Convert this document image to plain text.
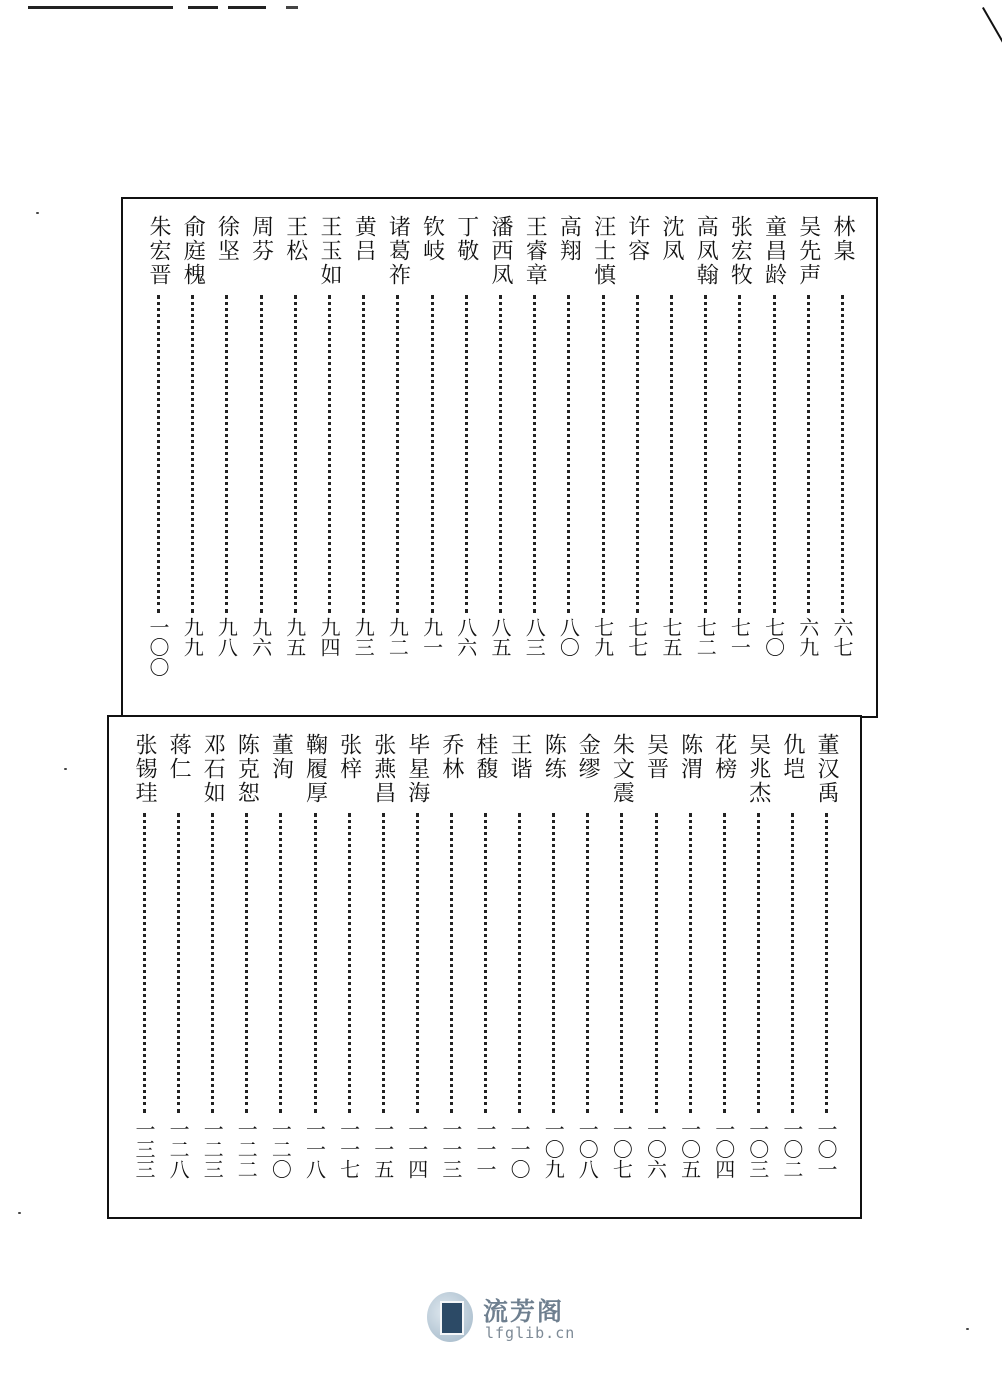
林臬
六七
吴先声
六九
童昌龄
七〇
张宏牧
七一
高凤翰
七二
沈凤
七五
许容
七七
汪士慎
七九
高翔
八〇
王睿章
八三
潘西凤
八五
丁敬
八六
钦岐
九一
诸葛祚
九二
黄吕
九三
王玉如
九四
王松
九五
周芬
九六
徐坚
九八
俞庭槐
九九
朱宏晋
一〇〇
董汉禹
一〇一
仇垲
一〇二
吴兆杰
一〇三
花榜
一〇四
陈渭
一〇五
吴晋
一〇六
朱文震
一〇七
金缪
一〇八
陈练
一〇九
王谐
一一〇
桂馥
一一一
乔林
一一三
毕星海
一一四
张燕昌
一一五
张梓
一一七
鞠履厚
一一八
董洵
一二〇
陈克恕
一二二
邓石如
一二三
蒋仁
一二八
张锡珪
一三三
流芳阁
lfglib.cn
